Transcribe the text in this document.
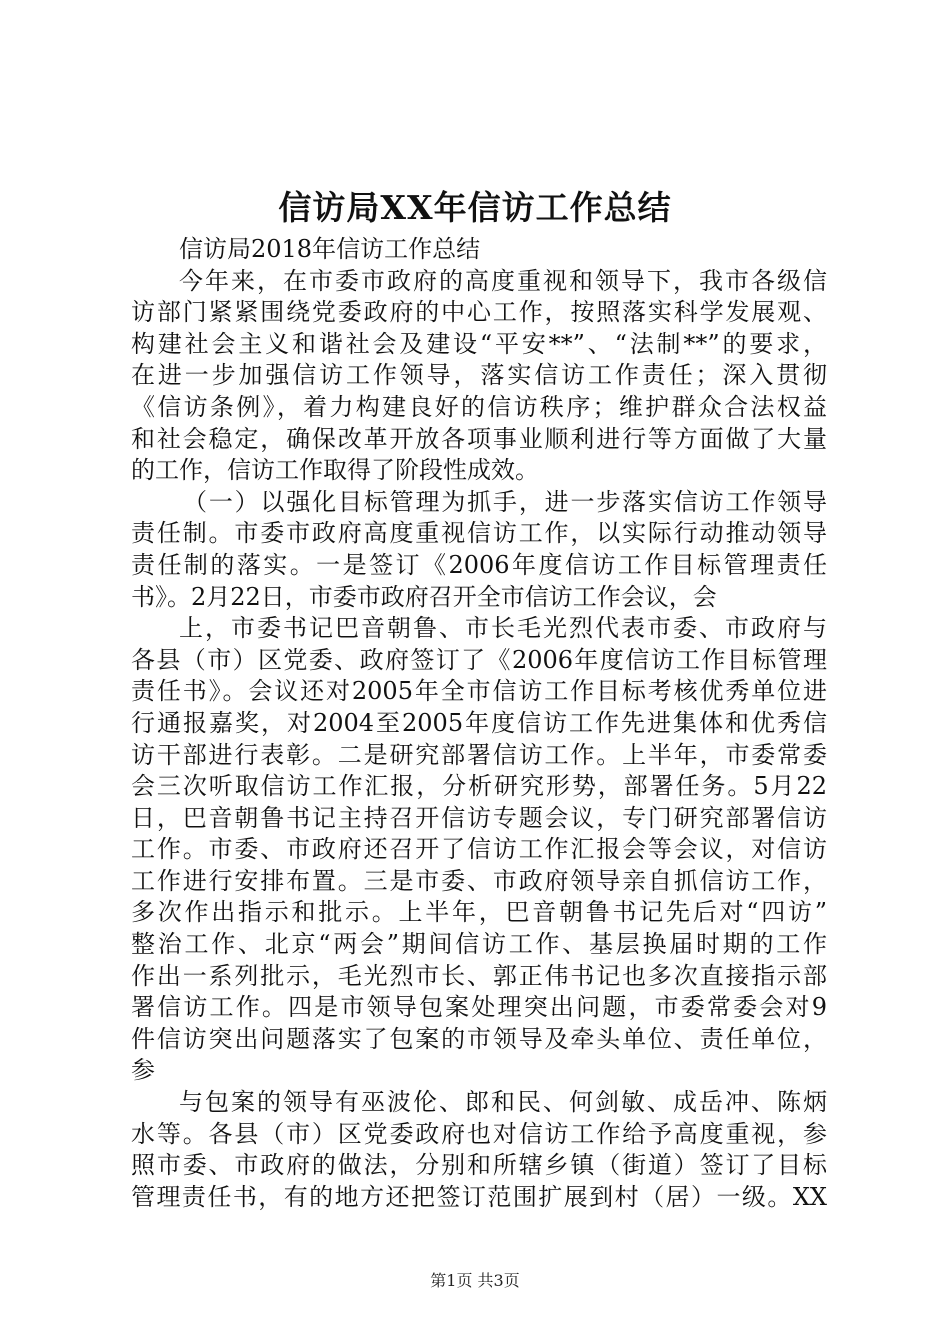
信访局XX年信访工作总结
信访局2018年信访工作总结
今年来，在市委市政府的高度重视和领导下，我市各级信
访部门紧紧围绕党委政府的中心工作，按照落实科学发展观、
构建社会主义和谐社会及建设“平安**”、“法制**”的要求，
在进一步加强信访工作领导，落实信访工作责任；深入贯彻
《信访条例》，着力构建良好的信访秩序；维护群众合法权益
和社会稳定，确保改革开放各项事业顺利进行等方面做了大量
的工作，信访工作取得了阶段性成效。
（一）以强化目标管理为抓手，进一步落实信访工作领导
责任制。市委市政府高度重视信访工作，以实际行动推动领导
责任制的落实。一是签订《2006年度信访工作目标管理责任
书》。2月22日，市委市政府召开全市信访工作会议，会
上，市委书记巴音朝鲁、市长毛光烈代表市委、市政府与
各县（市）区党委、政府签订了《2006年度信访工作目标管理
责任书》。会议还对2005年全市信访工作目标考核优秀单位进
行通报嘉奖，对2004至2005年度信访工作先进集体和优秀信
访干部进行表彰。二是研究部署信访工作。上半年，市委常委
会三次听取信访工作汇报，分析研究形势，部署任务。5月22
日，巴音朝鲁书记主持召开信访专题会议，专门研究部署信访
工作。市委、市政府还召开了信访工作汇报会等会议，对信访
工作进行安排布置。三是市委、市政府领导亲自抓信访工作，
多次作出指示和批示。上半年，巴音朝鲁书记先后对“四访”
整治工作、北京“两会”期间信访工作、基层换届时期的工作
作出一系列批示，毛光烈市长、郭正伟书记也多次直接指示部
署信访工作。四是市领导包案处理突出问题，市委常委会对9
件信访突出问题落实了包案的市领导及牵头单位、责任单位，
参
与包案的领导有巫波伦、郎和民、何剑敏、成岳冲、陈炳
水等。各县（市）区党委政府也对信访工作给予高度重视，参
照市委、市政府的做法，分别和所辖乡镇（街道）签订了目标
管理责任书，有的地方还把签订范围扩展到村（居）一级。XX
第1页 共3页
